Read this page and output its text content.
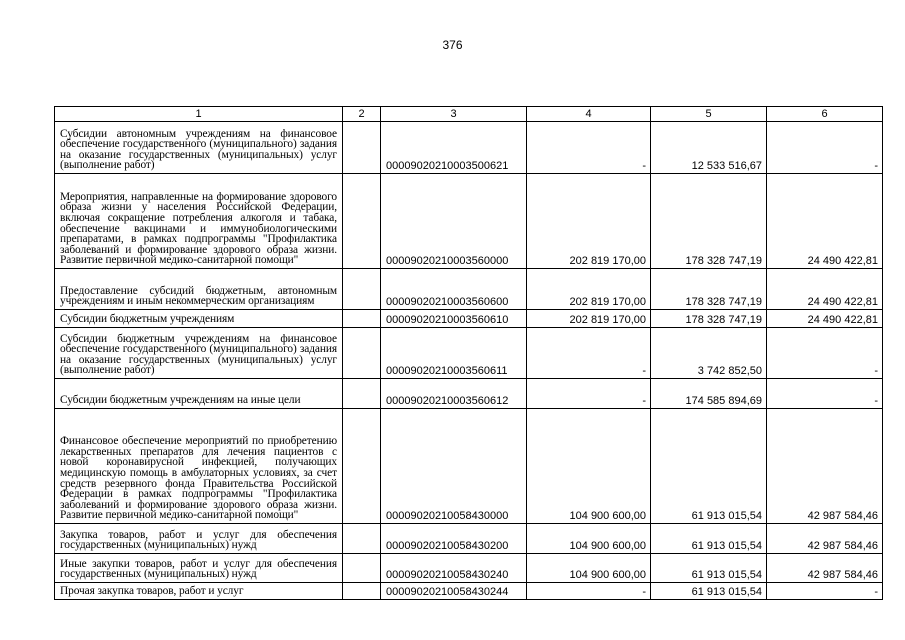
376
1	2	3	4	5	6
Субсидии автономным учреждениям на финансовое обеспечение государственного (муниципального) задания на оказание государственных (муниципальных) услуг (выполнение работ)		00009020210003500621	-	12 533 516,67	-
Мероприятия, направленные на формирование здорового образа жизни у населения Российской Федерации, включая сокращение потребления алкоголя и табака, обеспечение вакцинами и иммунобиологическими препаратами, в рамках подпрограммы "Профилактика заболеваний и формирование здорового образа жизни. Развитие первичной медико-санитарной помощи"		00009020210003560000	202 819 170,00	178 328 747,19	24 490 422,81
Предоставление субсидий бюджетным, автономным учреждениям и иным некоммерческим организациям		00009020210003560600	202 819 170,00	178 328 747,19	24 490 422,81
Субсидии бюджетным учреждениям		00009020210003560610	202 819 170,00	178 328 747,19	24 490 422,81
Субсидии бюджетным учреждениям на финансовое обеспечение государственного (муниципального) задания на оказание государственных (муниципальных) услуг (выполнение работ)		00009020210003560611	-	3 742 852,50	-
Субсидии бюджетным учреждениям на иные цели		00009020210003560612	-	174 585 894,69	-
Финансовое обеспечение мероприятий по приобретению лекарственных препаратов для лечения пациентов с новой коронавирусной инфекцией, получающих медицинскую помощь в амбулаторных условиях, за счет средств резервного фонда Правительства Российской Федерации в рамках подпрограммы "Профилактика заболеваний и формирование здорового образа жизни. Развитие первичной медико-санитарной помощи"		00009020210058430000	104 900 600,00	61 913 015,54	42 987 584,46
Закупка товаров, работ и услуг для обеспечения государственных (муниципальных) нужд		00009020210058430200	104 900 600,00	61 913 015,54	42 987 584,46
Иные закупки товаров, работ и услуг для обеспечения государственных (муниципальных) нужд		00009020210058430240	104 900 600,00	61 913 015,54	42 987 584,46
Прочая закупка товаров, работ и услуг		00009020210058430244	-	61 913 015,54	-
